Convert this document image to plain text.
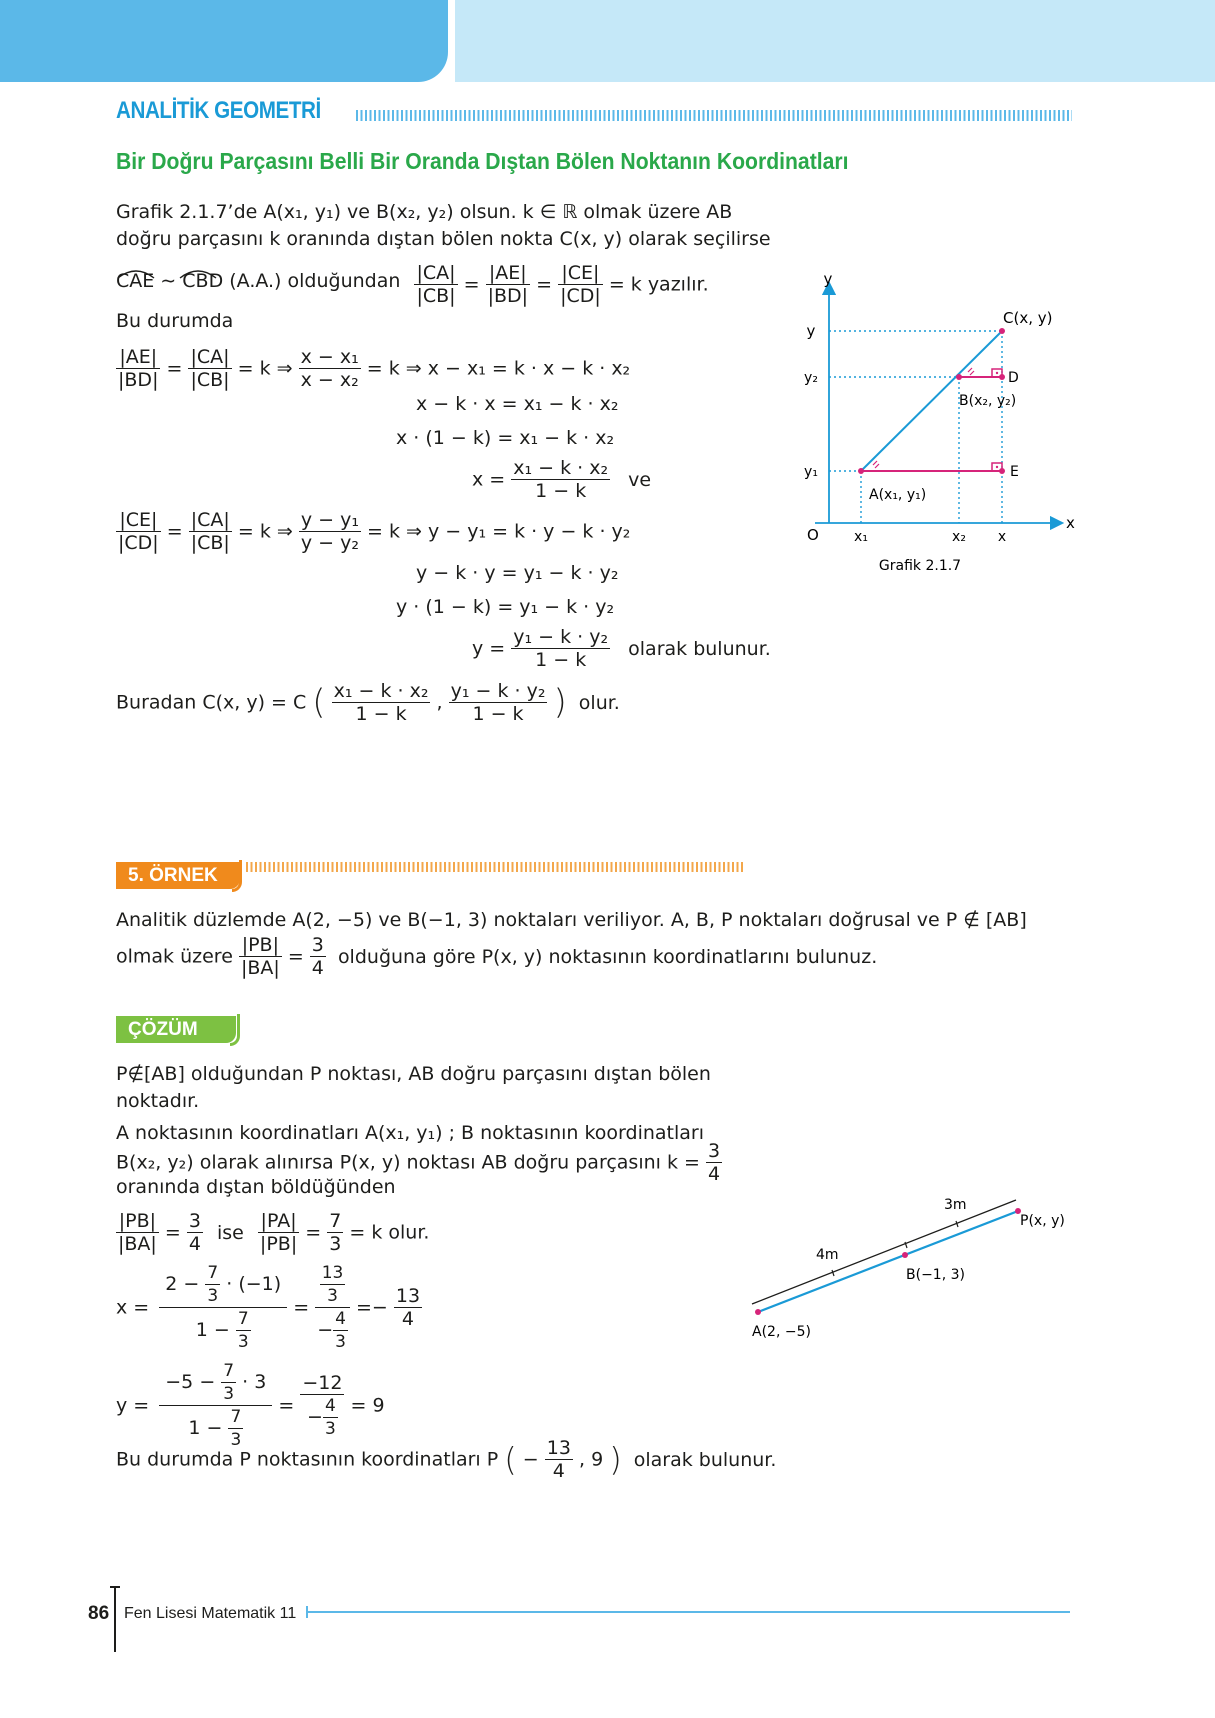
ANALİTİK GEOMETRİ
Bir Doğru Parçasını Belli Bir Oranda Dıştan Bölen Noktanın Koordinatları
Grafik 2.1.7’de A(x₁, y₁) ve B(x₂, y₂) olsun. k ∈ ℝ olmak üzere AB
doğru parçasını k oranında dıştan bölen nokta C(x, y) olarak seçilirse
CAE ∼ CBD (A.A.) olduğundan $\frac{|CA|}{|CB|} = \frac{|AE|}{|BD|} = \frac{|CE|}{|CD|} = k$ yazılır.
Bu durumda
$\frac{|AE|}{|BD|} = \frac{|CA|}{|CB|} = k$ ⇒ $\frac{\text{x − x₁}}{\text{x − x₂}} = k$ ⇒ x − x₁ = k · x − k · x₂
x − k · x = x₁ − k · x₂
x · (1 − k) = x₁ − k · x₂
$x = \frac{\text{x₁ − k · x₂}}{1 - k}$ ve
$\frac{|CE|}{|CD|} = \frac{|CA|}{|CB|} = k$ ⇒ $\frac{\text{y − y₁}}{\text{y − y₂}} = k$ ⇒ y − y₁ = k · y − k · y₂
y − k · y = y₁ − k · y₂
y · (1 − k) = y₁ − k · y₂
$y = \frac{\text{y₁ − k · y₂}}{1 - k}$ olarak bulunur.
Buradan C(x, y) = C ( $\frac{\text{x₁ − k · x₂}}{1 - k}$ , $\frac{\text{y₁ − k · y₂}}{1 - k}$ ) olur.
y
x
O
y
y₂
y₁
x₁	x₂ x
C(x, y)
D
B(x₂, y₂)
E
A(x₁, y₁)
Grafik 2.1.7
5. ÖRNEK
Analitik düzlemde A(2, −5) ve B(−1, 3) noktaları veriliyor. A, B, P noktaları doğrusal ve P ∉ [AB]
olmak üzere $\frac{|PB|}{|BA|} = \frac{3}{4}$ olduğuna göre P(x, y) noktasının koordinatlarını bulunuz.
ÇÖZÜM
P∉[AB] olduğundan P noktası, AB doğru parçasını dıştan bölen
noktadır.
A noktasının koordinatları A(x₁, y₁) ; B noktasının koordinatları
B(x₂, y₂) olarak alınırsa P(x, y) noktası AB doğru parçasını $k = \frac{3}{4}$
oranında dıştan böldüğünden
$\frac{|PB|}{|BA|} = \frac{3}{4}$ ise $\frac{|PA|}{|PB|} = \frac{7}{3} = k$ olur.
$x = \frac{2 - \frac{7}{3} \cdot (-1)}{1 - \frac{7}{3}} = \frac{\frac{13}{3}}{- \frac{4}{3}} =- \frac{13}{4}$
$y = \frac{-5 - \frac{7}{3} \cdot 3}{1 - \frac{7}{3}} = \frac{-12}{- \frac{4}{3}} = 9$
Bu durumda P noktasının koordinatları P ( − $\frac{13}{4}$ , 9 ) olarak bulunur.
4m
3m
A(2, −5)
B(−1, 3)
P(x, y)
86 Fen Lisesi Matematik 11
